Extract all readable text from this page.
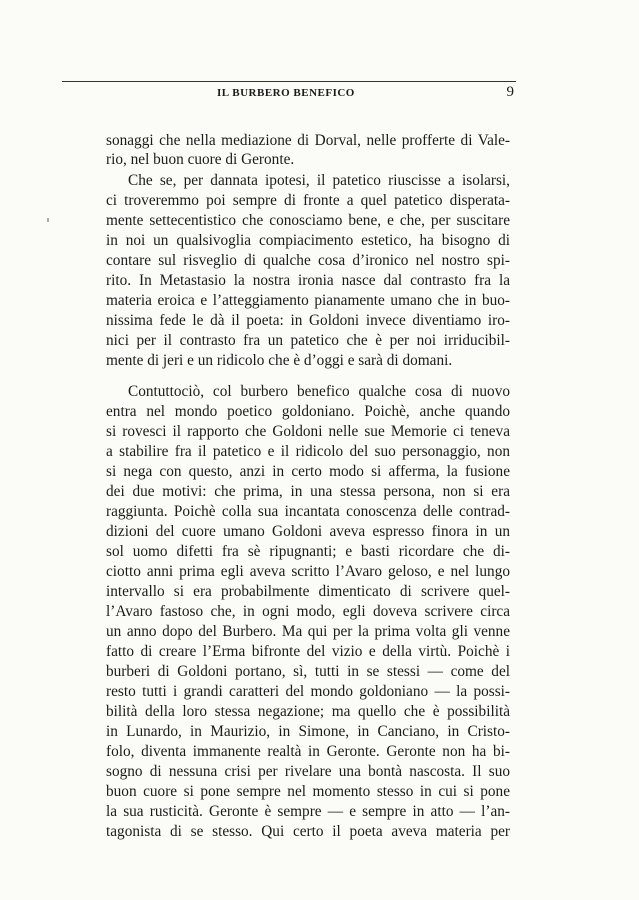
IL BURBERO BENEFICO	9
sonaggi che nella mediazione di Dorval, nelle profferte di Vale-
rio, nel buon cuore di Geronte.
Che se, per dannata ipotesi, il patetico riuscisse a isolarsi,
ci troveremmo poi sempre di fronte a quel patetico disperata-
mente settecentistico che conosciamo bene, e che, per suscitare
in noi un qualsivoglia compiacimento estetico, ha bisogno di
contare sul risveglio di qualche cosa d’ironico nel nostro spi-
rito. In Metastasio la nostra ironia nasce dal contrasto fra la
materia eroica e l’atteggiamento pianamente umano che in buo-
nissima fede le dà il poeta: in Goldoni invece diventiamo iro-
nici per il contrasto fra un patetico che è per noi irriducibil-
mente di jeri e un ridicolo che è d’oggi e sarà di domani.
Contuttociò, col burbero benefico qualche cosa di nuovo
entra nel mondo poetico goldoniano. Poichè, anche quando
si rovesci il rapporto che Goldoni nelle sue Memorie ci teneva
a stabilire fra il patetico e il ridicolo del suo personaggio, non
si nega con questo, anzi in certo modo si afferma, la fusione
dei due motivi: che prima, in una stessa persona, non si era
raggiunta. Poichè colla sua incantata conoscenza delle contrad-
dizioni del cuore umano Goldoni aveva espresso finora in un
sol uomo difetti fra sè ripugnanti; e basti ricordare che di-
ciotto anni prima egli aveva scritto l’Avaro geloso, e nel lungo
intervallo si era probabilmente dimenticato di scrivere quel-
l’Avaro fastoso che, in ogni modo, egli doveva scrivere circa
un anno dopo del Burbero. Ma qui per la prima volta gli venne
fatto di creare l’Erma bifronte del vizio e della virtù. Poichè i
burberi di Goldoni portano, sì, tutti in se stessi — come del
resto tutti i grandi caratteri del mondo goldoniano — la possi-
bilità della loro stessa negazione; ma quello che è possibilità
in Lunardo, in Maurizio, in Simone, in Canciano, in Cristo-
folo, diventa immanente realtà in Geronte. Geronte non ha bi-
sogno di nessuna crisi per rivelare una bontà nascosta. Il suo
buon cuore si pone sempre nel momento stesso in cui si pone
la sua rusticità. Geronte è sempre — e sempre in atto — l’an-
tagonista di se stesso. Qui certo il poeta aveva materia per
